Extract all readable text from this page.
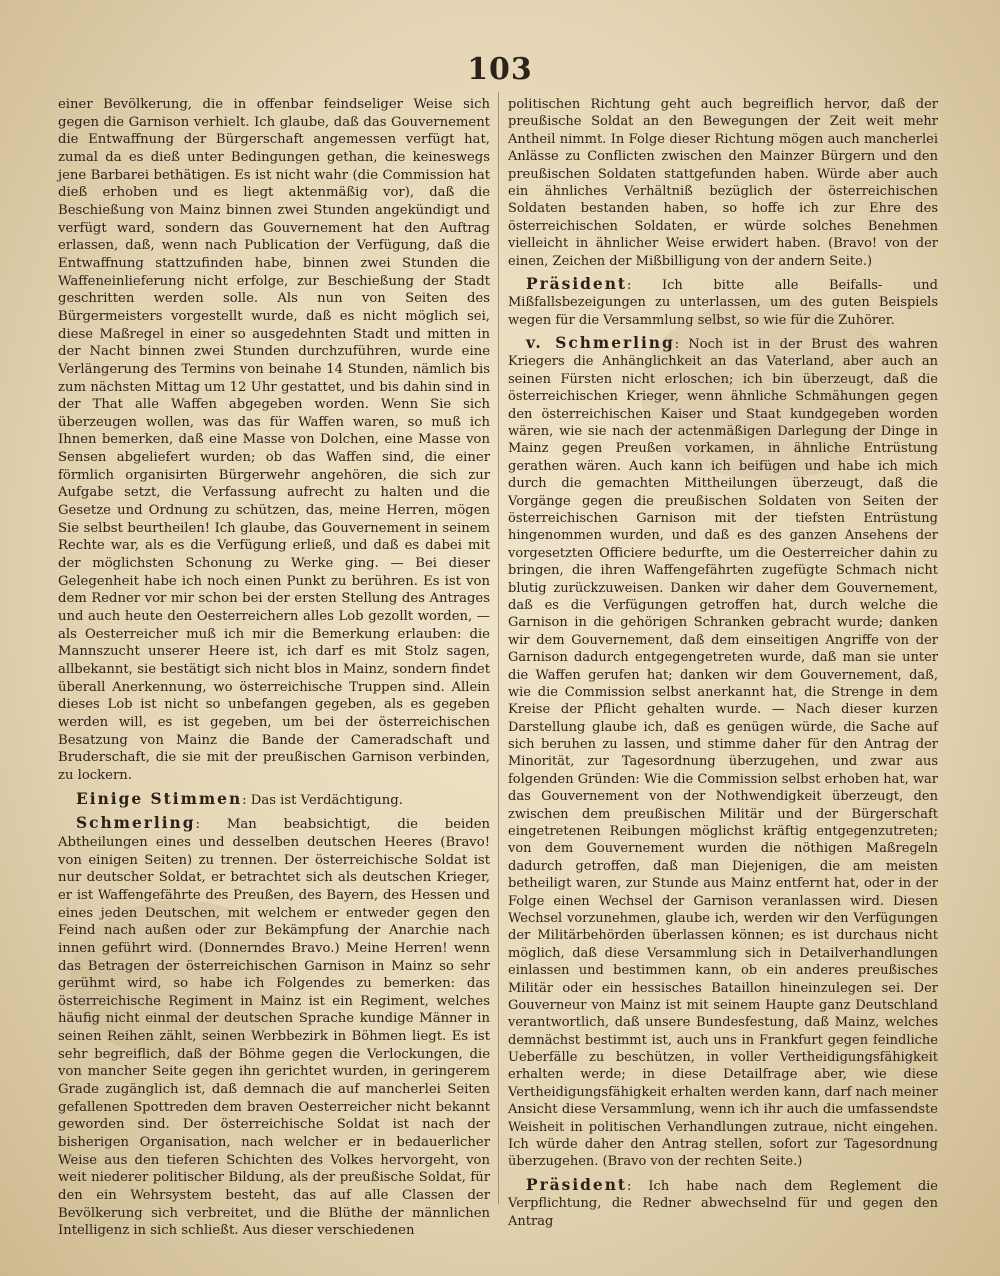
103

einer Bevölkerung, die in offenbar feindseliger Weise sich gegen die Garnison verhielt. Ich glaube, daß das Gouvernement die Entwaffnung der Bürgerschaft angemessen verfügt hat, zumal da es dieß unter Bedingungen gethan, die keineswegs jene Barbarei bethätigen. Es ist nicht wahr (die Commission hat dieß erhoben und es liegt aktenmäßig vor), daß die Beschießung von Mainz binnen zwei Stunden angekündigt und verfügt ward, sondern das Gouvernement hat den Auftrag erlassen, daß, wenn nach Publication der Verfügung, daß die Entwaffnung stattzufinden habe, binnen zwei Stunden die Waffeneinlieferung nicht erfolge, zur Beschießung der Stadt geschritten werden solle. Als nun von Seiten des Bürgermeisters vorgestellt wurde, daß es nicht möglich sei, diese Maßregel in einer so ausgedehnten Stadt und mitten in der Nacht binnen zwei Stunden durchzuführen, wurde eine Verlängerung des Termins von beinahe 14 Stunden, nämlich bis zum nächsten Mittag um 12 Uhr gestattet, und bis dahin sind in der That alle Waffen abgegeben worden. Wenn Sie sich überzeugen wollen, was das für Waffen waren, so muß ich Ihnen bemerken, daß eine Masse von Dolchen, eine Masse von Sensen abgeliefert wurden; ob das Waffen sind, die einer förmlich organisirten Bürgerwehr angehören, die sich zur Aufgabe setzt, die Verfassung aufrecht zu halten und die Gesetze und Ordnung zu schützen, das, meine Herren, mögen Sie selbst beurtheilen! Ich glaube, das Gouvernement in seinem Rechte war, als es die Verfügung erließ, und daß es dabei mit der möglichsten Schonung zu Werke ging. — Bei dieser Gelegenheit habe ich noch einen Punkt zu berühren. Es ist von dem Redner vor mir schon bei der ersten Stellung des Antrages und auch heute den Oesterreichern alles Lob gezollt worden, — als Oesterreicher muß ich mir die Bemerkung erlauben: die Mannszucht unserer Heere ist, ich darf es mit Stolz sagen, allbekannt, sie bestätigt sich nicht blos in Mainz, sondern findet überall Anerkennung, wo österreichische Truppen sind. Allein dieses Lob ist nicht so unbefangen gegeben, als es gegeben werden will, es ist gegeben, um bei der österreichischen Besatzung von Mainz die Bande der Cameradschaft und Bruderschaft, die sie mit der preußischen Garnison verbinden, zu lockern.

Einige Stimmen: Das ist Verdächtigung.

Schmerling: Man beabsichtigt, die beiden Abtheilungen eines und desselben deutschen Heeres (Bravo! von einigen Seiten) zu trennen. Der österreichische Soldat ist nur deutscher Soldat, er betrachtet sich als deutschen Krieger, er ist Waffengefährte des Preußen, des Bayern, des Hessen und eines jeden Deutschen, mit welchem er entweder gegen den Feind nach außen oder zur Bekämpfung der Anarchie nach innen geführt wird. (Donnerndes Bravo.) Meine Herren! wenn das Betragen der österreichischen Garnison in Mainz so sehr gerühmt wird, so habe ich Folgendes zu bemerken: das österreichische Regiment in Mainz ist ein Regiment, welches häufig nicht einmal der deutschen Sprache kundige Männer in seinen Reihen zählt, seinen Werbbezirk in Böhmen liegt. Es ist sehr begreiflich, daß der Böhme gegen die Verlockungen, die von mancher Seite gegen ihn gerichtet wurden, in geringerem Grade zugänglich ist, daß demnach die auf mancherlei Seiten gefallenen Spottreden dem braven Oesterreicher nicht bekannt geworden sind. Der österreichische Soldat ist nach der bisherigen Organisation, nach welcher er in bedauerlicher Weise aus den tieferen Schichten des Volkes hervorgeht, von weit niederer politischer Bildung, als der preußische Soldat, für den ein Wehrsystem besteht, das auf alle Classen der Bevölkerung sich verbreitet, und die Blüthe der männlichen Intelligenz in sich schließt. Aus dieser verschiedenen

politischen Richtung geht auch begreiflich hervor, daß der preußische Soldat an den Bewegungen der Zeit weit mehr Antheil nimmt. In Folge dieser Richtung mögen auch mancherlei Anlässe zu Conflicten zwischen den Mainzer Bürgern und den preußischen Soldaten stattgefunden haben. Würde aber auch ein ähnliches Verhältniß bezüglich der österreichischen Soldaten bestanden haben, so hoffe ich zur Ehre des österreichischen Soldaten, er würde solches Benehmen vielleicht in ähnlicher Weise erwidert haben. (Bravo! von der einen, Zeichen der Mißbilligung von der andern Seite.)

Präsident: Ich bitte alle Beifalls- und Mißfallsbezeigungen zu unterlassen, um des guten Beispiels wegen für die Versammlung selbst, so wie für die Zuhörer.

v. Schmerling: Noch ist in der Brust des wahren Kriegers die Anhänglichkeit an das Vaterland, aber auch an seinen Fürsten nicht erloschen; ich bin überzeugt, daß die österreichischen Krieger, wenn ähnliche Schmähungen gegen den österreichischen Kaiser und Staat kundgegeben worden wären, wie sie nach der actenmäßigen Darlegung der Dinge in Mainz gegen Preußen vorkamen, in ähnliche Entrüstung gerathen wären. Auch kann ich beifügen und habe ich mich durch die gemachten Mittheilungen überzeugt, daß die Vorgänge gegen die preußischen Soldaten von Seiten der österreichischen Garnison mit der tiefsten Entrüstung hingenommen wurden, und daß es des ganzen Ansehens der vorgesetzten Officiere bedurfte, um die Oesterreicher dahin zu bringen, die ihren Waffengefährten zugefügte Schmach nicht blutig zurückzuweisen. Danken wir daher dem Gouvernement, daß es die Verfügungen getroffen hat, durch welche die Garnison in die gehörigen Schranken gebracht wurde; danken wir dem Gouvernement, daß dem einseitigen Angriffe von der Garnison dadurch entgegengetreten wurde, daß man sie unter die Waffen gerufen hat; danken wir dem Gouvernement, daß, wie die Commission selbst anerkannt hat, die Strenge in dem Kreise der Pflicht gehalten wurde. — Nach dieser kurzen Darstellung glaube ich, daß es genügen würde, die Sache auf sich beruhen zu lassen, und stimme daher für den Antrag der Minorität, zur Tagesordnung überzugehen, und zwar aus folgenden Gründen: Wie die Commission selbst erhoben hat, war das Gouvernement von der Nothwendigkeit überzeugt, den zwischen dem preußischen Militär und der Bürgerschaft eingetretenen Reibungen möglichst kräftig entgegenzutreten; von dem Gouvernement wurden die nöthigen Maßregeln dadurch getroffen, daß man Diejenigen, die am meisten betheiligt waren, zur Stunde aus Mainz entfernt hat, oder in der Folge einen Wechsel der Garnison veranlassen wird. Diesen Wechsel vorzunehmen, glaube ich, werden wir den Verfügungen der Militärbehörden überlassen können; es ist durchaus nicht möglich, daß diese Versammlung sich in Detailverhandlungen einlassen und bestimmen kann, ob ein anderes preußisches Militär oder ein hessisches Bataillon hineinzulegen sei. Der Gouverneur von Mainz ist mit seinem Haupte ganz Deutschland verantwortlich, daß unsere Bundesfestung, daß Mainz, welches demnächst bestimmt ist, auch uns in Frankfurt gegen feindliche Ueberfälle zu beschützen, in voller Vertheidigungsfähigkeit erhalten werde; in diese Detailfrage aber, wie diese Vertheidigungsfähigkeit erhalten werden kann, darf nach meiner Ansicht diese Versammlung, wenn ich ihr auch die umfassendste Weisheit in politischen Verhandlungen zutraue, nicht eingehen. Ich würde daher den Antrag stellen, sofort zur Tagesordnung überzugehen. (Bravo von der rechten Seite.)

Präsident: Ich habe nach dem Reglement die Verpflichtung, die Redner abwechselnd für und gegen den Antrag
